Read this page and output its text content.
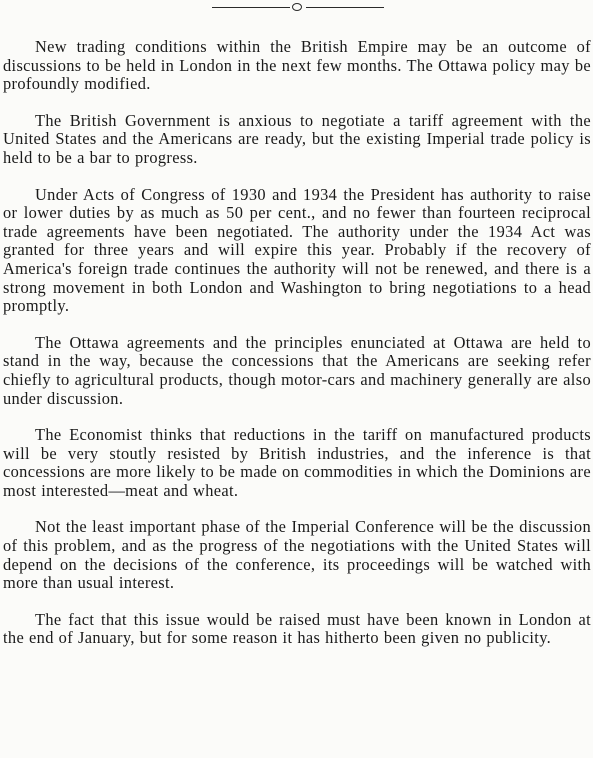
New trading conditions within the British Empire may be an outcome of discussions to be held in London in the next few months. The Ottawa policy may be profoundly modified.

The British Government is anxious to negotiate a tariff agreement with the United States and the Americans are ready, but the existing Imperial trade policy is held to be a bar to progress.

Under Acts of Congress of 1930 and 1934 the President has authority to raise or lower duties by as much as 50 per cent., and no fewer than fourteen reciprocal trade agreements have been negotiated. The authority under the 1934 Act was granted for three years and will expire this year. Probably if the recovery of America's foreign trade continues the authority will not be renewed, and there is a strong movement in both London and Washington to bring negotiations to a head promptly.

The Ottawa agreements and the principles enunciated at Ottawa are held to stand in the way, because the concessions that the Americans are seeking refer chiefly to agricultural products, though motor-cars and machinery generally are also under discussion.

The Economist thinks that reductions in the tariff on manufactured products will be very stoutly resisted by British industries, and the inference is that concessions are more likely to be made on commodities in which the Dominions are most interested—meat and wheat.

Not the least important phase of the Imperial Conference will be the discussion of this problem, and as the progress of the negotiations with the United States will depend on the decisions of the conference, its proceedings will be watched with more than usual interest.

The fact that this issue would be raised must have been known in London at the end of January, but for some reason it has hitherto been given no publicity.
